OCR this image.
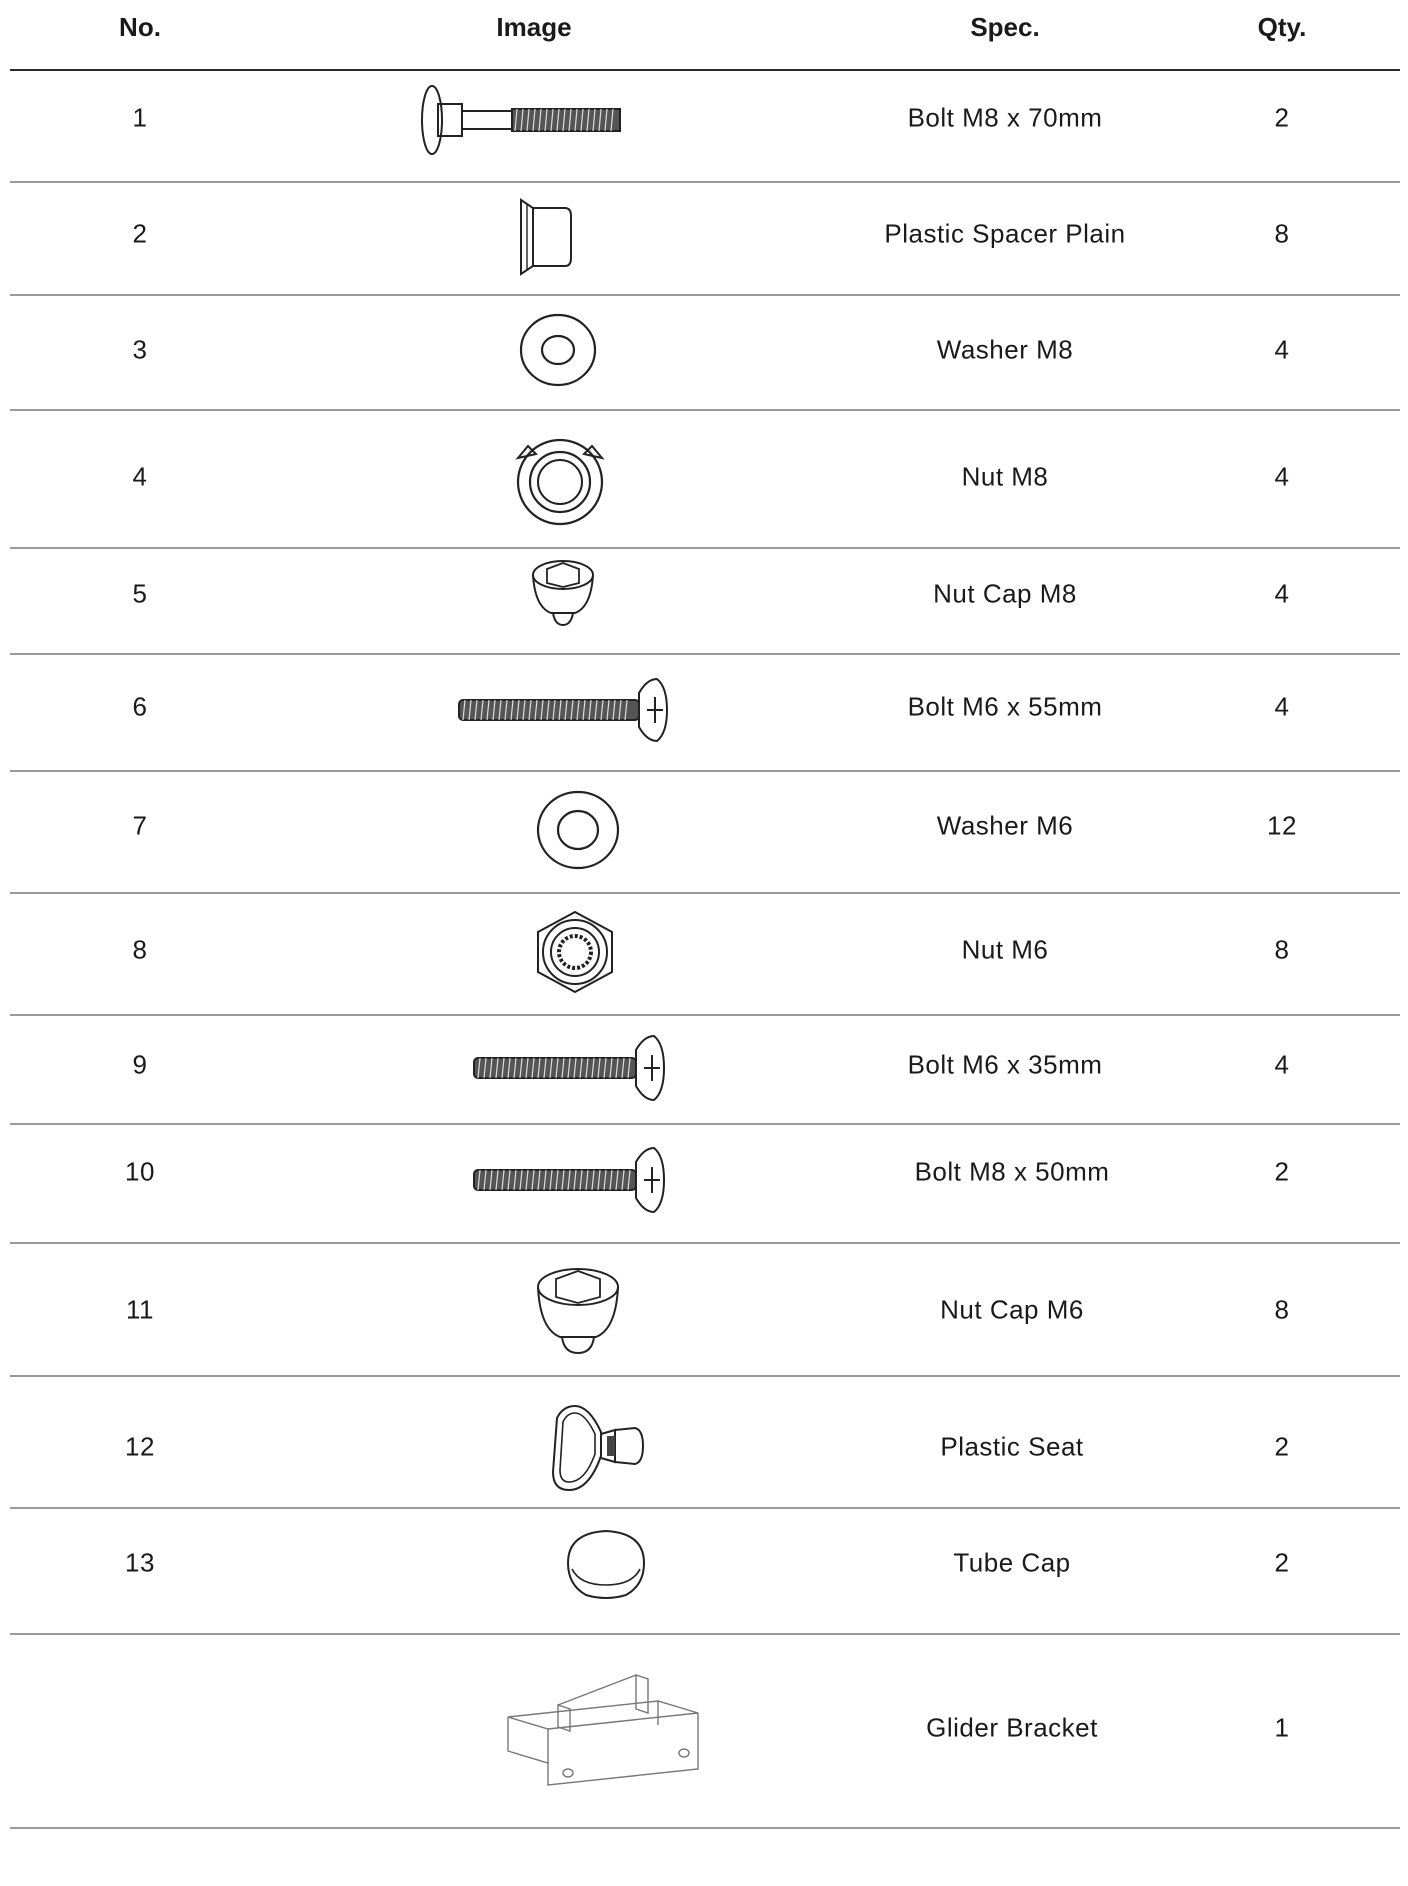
No.	Image	Spec.	Qty.
1	Bolt M8 x 70mm	2
2	Plastic Spacer Plain	8
3	Washer M8	4
4	Nut M8	4
5	Nut Cap M8	4
6	Bolt M6 x 55mm	4
7	Washer M6	12
8	Nut M6	8
9	Bolt M6 x 35mm	4
10	Bolt M8 x 50mm	2
11	Nut Cap M6	8
12	Plastic Seat	2
13	Tube Cap	2
Glider Bracket	1
